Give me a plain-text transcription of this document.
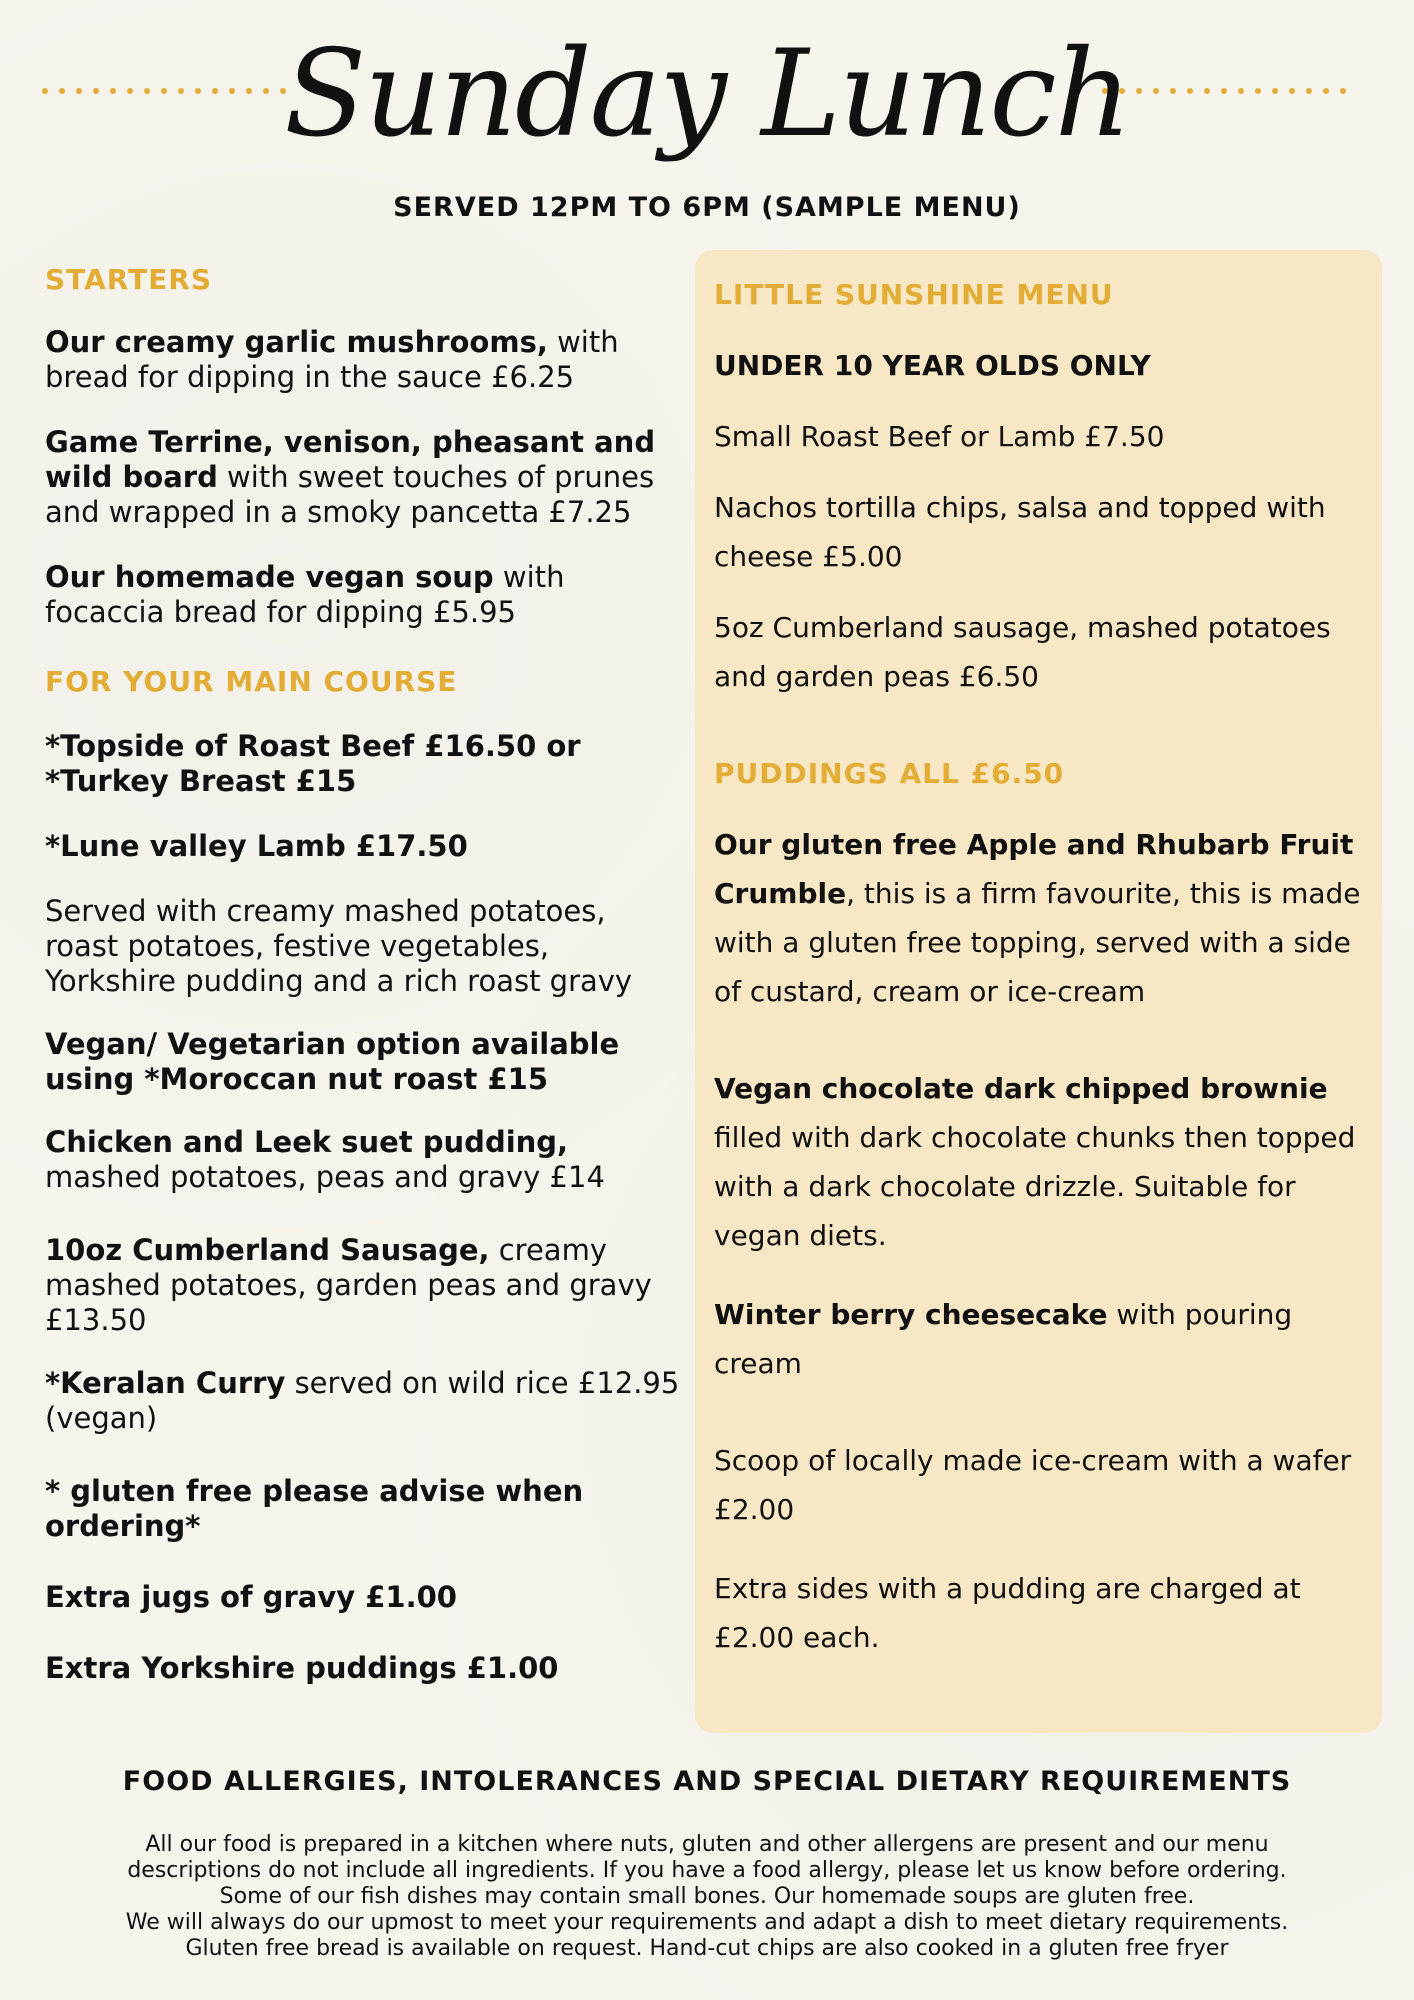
Sunday Lunch
SERVED 12PM TO 6PM (SAMPLE MENU)
STARTERS
Our creamy garlic mushrooms, with bread for dipping in the sauce £6.25
Game Terrine, venison, pheasant and wild board with sweet touches of prunes and wrapped in a smoky pancetta £7.25
Our homemade vegan soup with focaccia bread for dipping £5.95
FOR YOUR MAIN COURSE
*Topside of Roast Beef £16.50 or *Turkey Breast £15
*Lune valley Lamb £17.50
Served with creamy mashed potatoes, roast potatoes, festive vegetables, Yorkshire pudding and a rich roast gravy
Vegan/ Vegetarian option available using *Moroccan nut roast £15
Chicken and Leek suet pudding, mashed potatoes, peas and gravy £14
10oz Cumberland Sausage, creamy mashed potatoes, garden peas and gravy £13.50
*Keralan Curry served on wild rice £12.95 (vegan)
* gluten free please advise when ordering*
Extra jugs of gravy £1.00
Extra Yorkshire puddings £1.00
LITTLE SUNSHINE MENU
UNDER 10 YEAR OLDS ONLY
Small Roast Beef or Lamb £7.50
Nachos tortilla chips, salsa and topped with cheese £5.00
5oz Cumberland sausage, mashed potatoes and garden peas £6.50
PUDDINGS ALL £6.50
Our gluten free Apple and Rhubarb Fruit Crumble, this is a firm favourite, this is made with a gluten free topping, served with a side of custard, cream or ice-cream
Vegan chocolate dark chipped brownie filled with dark chocolate chunks then topped with a dark chocolate drizzle. Suitable for vegan diets.
Winter berry cheesecake with pouring cream
Scoop of locally made ice-cream with a wafer £2.00
Extra sides with a pudding are charged at £2.00 each.
FOOD ALLERGIES, INTOLERANCES AND SPECIAL DIETARY REQUIREMENTS
All our food is prepared in a kitchen where nuts, gluten and other allergens are present and our menu
descriptions do not include all ingredients. If you have a food allergy, please let us know before ordering.
Some of our fish dishes may contain small bones. Our homemade soups are gluten free.
We will always do our upmost to meet your requirements and adapt a dish to meet dietary requirements.
Gluten free bread is available on request. Hand-cut chips are also cooked in a gluten free fryer
